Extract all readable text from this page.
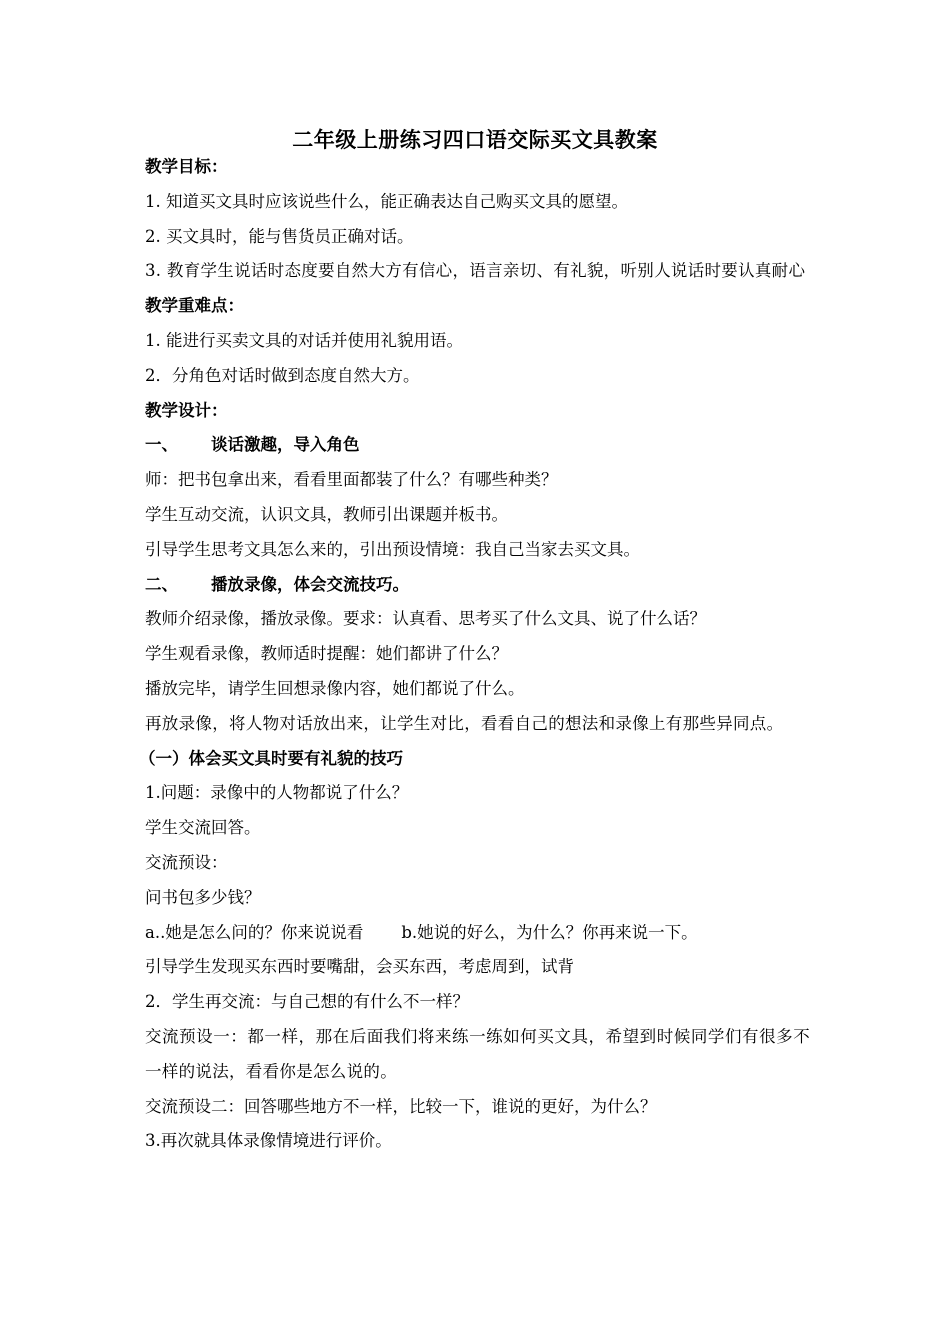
二年级上册练习四口语交际买文具教案
教学目标：
1. 知道买文具时应该说些什么，能正确表达自己购买文具的愿望。
2. 买文具时，能与售货员正确对话。
3. 教育学生说话时态度要自然大方有信心，语言亲切、有礼貌，听别人说话时要认真耐心
教学重难点：
1. 能进行买卖文具的对话并使用礼貌用语。
2．分角色对话时做到态度自然大方。
教学设计：
一、 谈话激趣，导入角色
师：把书包拿出来，看看里面都装了什么？有哪些种类？
学生互动交流，认识文具，教师引出课题并板书。
引导学生思考文具怎么来的，引出预设情境：我自己当家去买文具。
二、 播放录像，体会交流技巧。
教师介绍录像，播放录像。要求：认真看、思考买了什么文具、说了什么话？
学生观看录像，教师适时提醒：她们都讲了什么？
播放完毕，请学生回想录像内容，她们都说了什么。
再放录像，将人物对话放出来，让学生对比，看看自己的想法和录像上有那些异同点。
（一）体会买文具时要有礼貌的技巧
1.问题：录像中的人物都说了什么？
学生交流回答。
交流预设：
问书包多少钱？
a..她是怎么问的？你来说说看 b.她说的好么，为什么？你再来说一下。
引导学生发现买东西时要嘴甜，会买东西，考虑周到，试背
2．学生再交流：与自己想的有什么不一样？
交流预设一：都一样，那在后面我们将来练一练如何买文具，希望到时候同学们有很多不一样的说法，看看你是怎么说的。
交流预设二：回答哪些地方不一样，比较一下，谁说的更好，为什么？
3.再次就具体录像情境进行评价。
